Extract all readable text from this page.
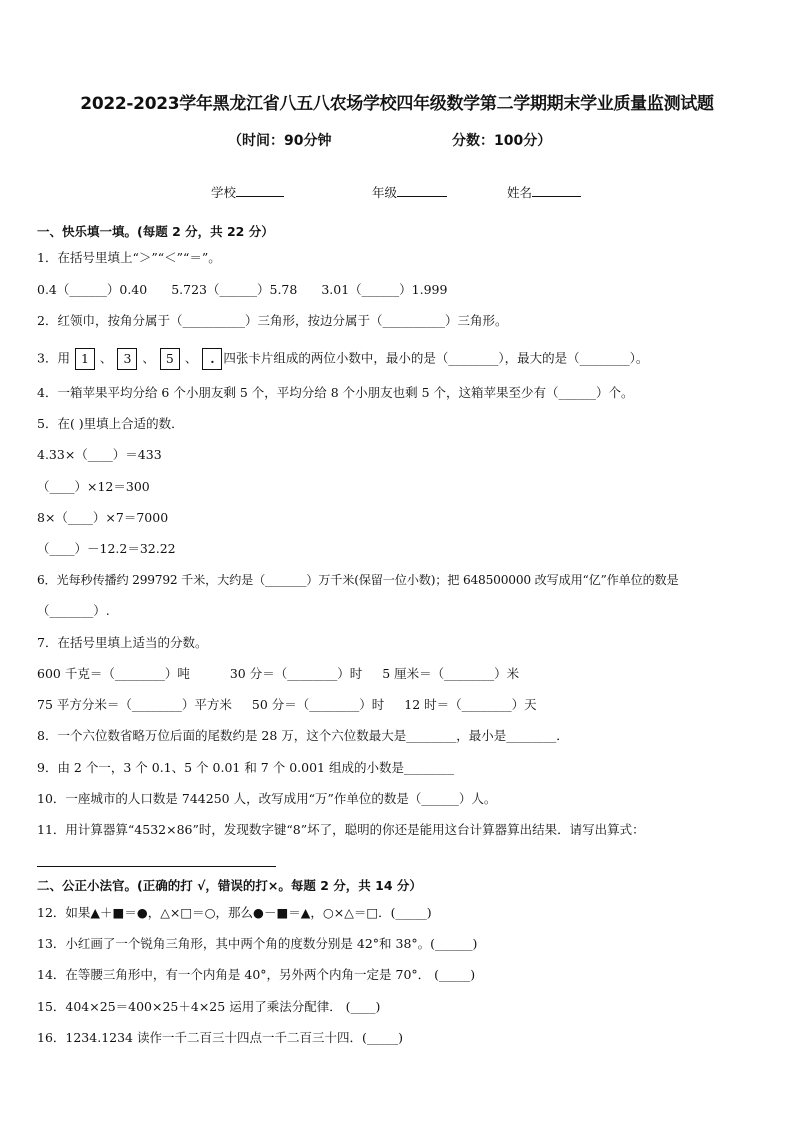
2022-2023学年黑龙江省八五八农场学校四年级数学第二学期期末学业质量监测试题
（时间：90分钟	分数：100分）
学校	年级	姓名
一、快乐填一填。(每题 2 分，共 22 分）
1．在括号里填上“＞”“＜”“＝”。
0.4（______）0.40 5.723（______）5.78 3.01（______）1.999
2．红领巾，按角分属于（__________）三角形，按边分属于（__________）三角形。
3．用 1 、 3 、 5 、 . 四张卡片组成的两位小数中，最小的是（________），最大的是（________）。
4．一箱苹果平均分给 6 个小朋友剩 5 个，平均分给 8 个小朋友也剩 5 个，这箱苹果至少有（______）个。
5．在( )里填上合适的数．
4.33×（____）＝433
（____）×12＝300
8×（____）×7＝7000
（____）－12.2＝32.22
6．光每秒传播约 299792 千米，大约是（_______）万千米(保留一位小数)；把 648500000 改写成用“亿”作单位的数是
（_______）.
7．在括号里填上适当的分数。
600 千克＝（________）吨	30 分＝（________）时 5 厘米＝（________）米
75 平方分米＝（________）平方米 50 分＝（________）时 12 时＝（________）天
8．一个六位数省略万位后面的尾数约是 28 万，这个六位数最大是________，最小是________．
9．由 2 个一，3 个 0.1、5 个 0.01 和 7 个 0.001 组成的小数是________
10．一座城市的人口数是 744250 人，改写成用“万”作单位的数是（______）人。
11．用计算器算“4532×86”时，发现数字键“8”坏了，聪明的你还是能用这台计算器算出结果．请写出算式：
二、公正小法官。(正确的打 √，错误的打×。每题 2 分，共 14 分）
12．如果▲＋■＝●，△×□＝○，那么●－■＝▲，○×△＝□．(_____)
13．小红画了一个锐角三角形，其中两个角的度数分别是 42°和 38°。(______)
14．在等腰三角形中，有一个内角是 40°，另外两个内角一定是 70°． (_____)
15．404×25＝400×25＋4×25 运用了乘法分配律． (____)
16．1234.1234 读作一千二百三十四点一千二百三十四．(_____)
